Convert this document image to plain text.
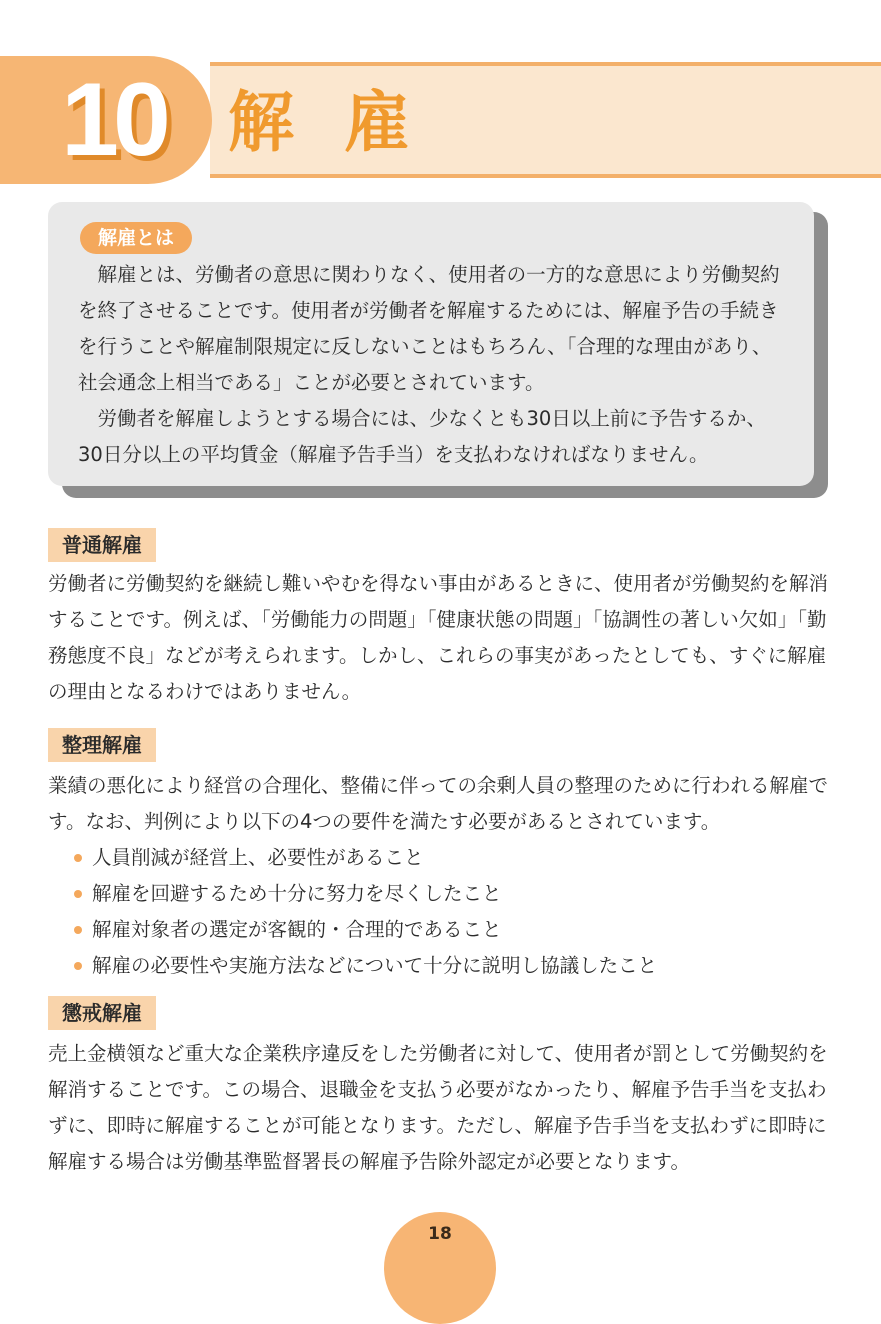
10 解雇
解雇とは

解雇とは、労働者の意思に関わりなく、使用者の一方的な意思により労働契約を終了させることです。使用者が労働者を解雇するためには、解雇予告の手続きを行うことや解雇制限規定に反しないことはもちろん、「合理的な理由があり、社会通念上相当である」ことが必要とされています。

労働者を解雇しようとする場合には、少なくとも30日以上前に予告するか、30日分以上の平均賃金（解雇予告手当）を支払わなければなりません。

普通解雇

労働者に労働契約を継続し難いやむを得ない事由があるときに、使用者が労働契約を解消することです。例えば、「労働能力の問題」「健康状態の問題」「協調性の著しい欠如」「勤務態度不良」などが考えられます。しかし、これらの事実があったとしても、すぐに解雇の理由となるわけではありません。

整理解雇

業績の悪化により経営の合理化、整備に伴っての余剰人員の整理のために行われる解雇です。なお、判例により以下の4つの要件を満たす必要があるとされています。

人員削減が経営上、必要性があること
解雇を回避するため十分に努力を尽くしたこと
解雇対象者の選定が客観的・合理的であること
解雇の必要性や実施方法などについて十分に説明し協議したこと
懲戒解雇

売上金横領など重大な企業秩序違反をした労働者に対して、使用者が罰として労働契約を解消することです。この場合、退職金を支払う必要がなかったり、解雇予告手当を支払わずに、即時に解雇することが可能となります。ただし、解雇予告手当を支払わずに即時に解雇する場合は労働基準監督署長の解雇予告除外認定が必要となります。

18
